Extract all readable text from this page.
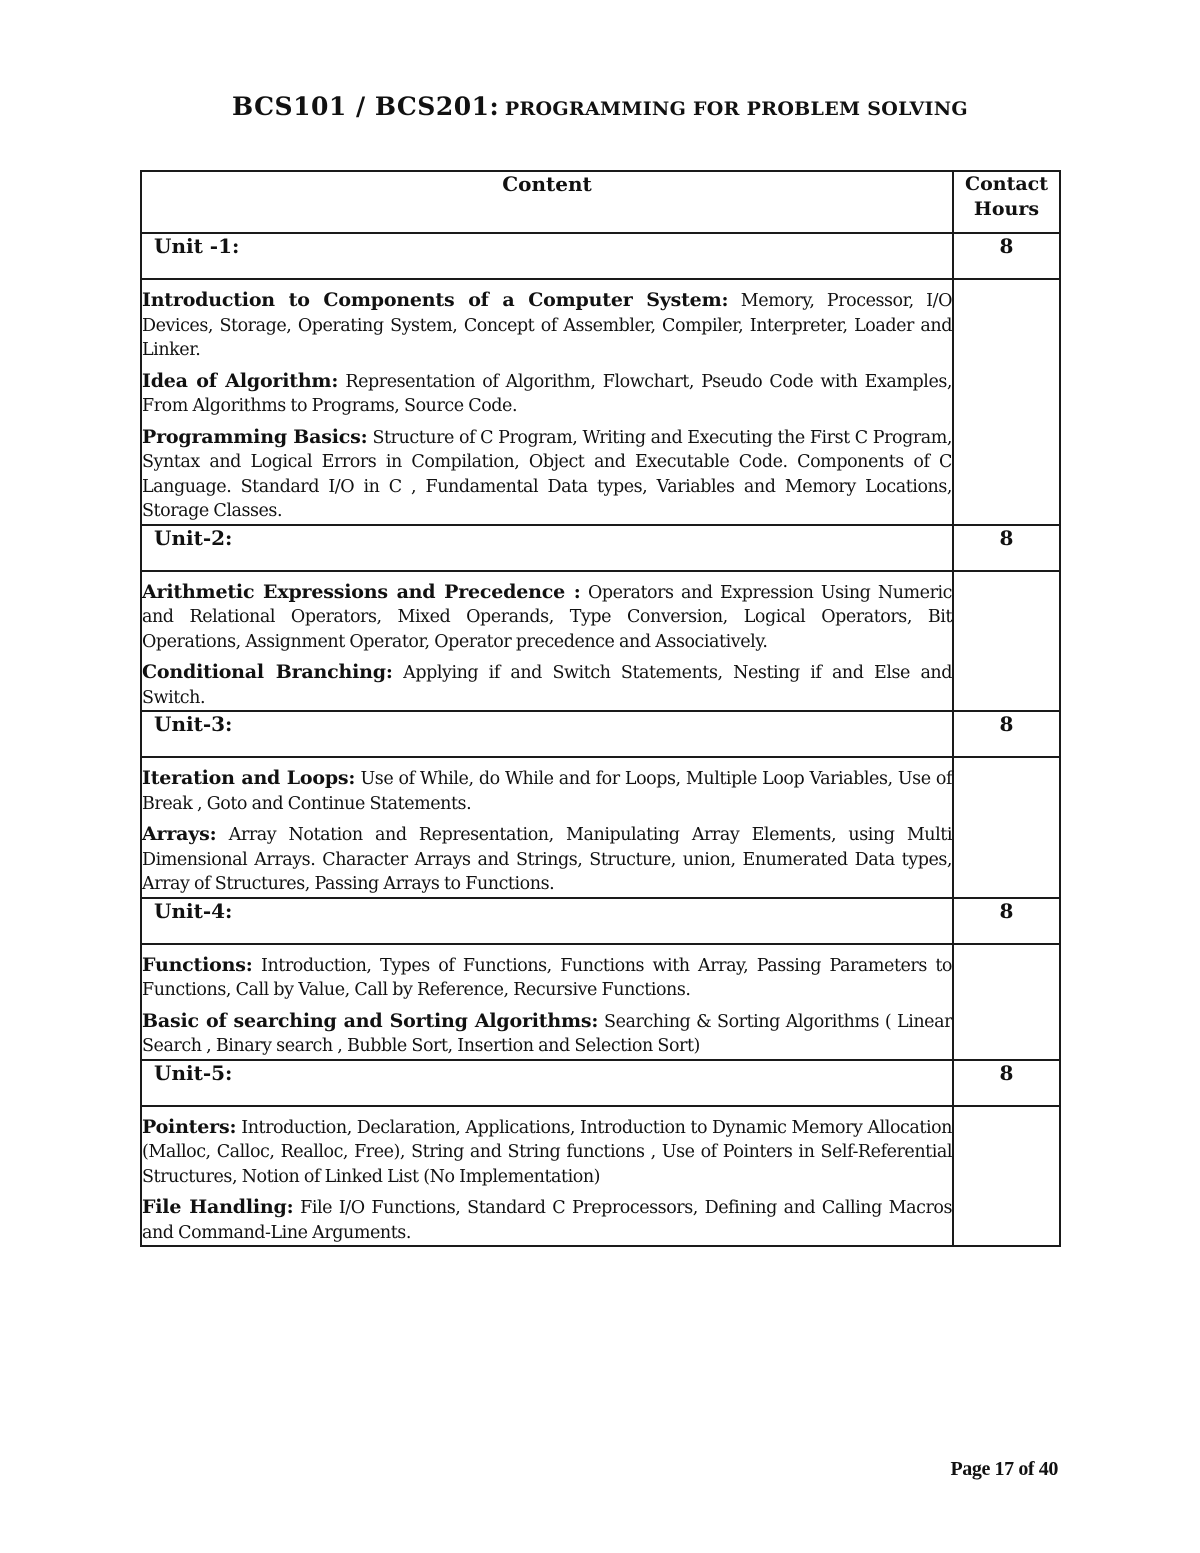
BCS101 / BCS201: PROGRAMMING FOR PROBLEM SOLVING
Content	Contact
Hours

Unit -1:	8

Introduction to Components of a Computer System: Memory, Processor, I/O Devices, Storage, Operating System, Concept of Assembler, Compiler, Interpreter, Loader and Linker.

Idea of Algorithm: Representation of Algorithm, Flowchart, Pseudo Code with Examples, From Algorithms to Programs, Source Code.

Programming Basics: Structure of C Program, Writing and Executing the First C Program, Syntax and Logical Errors in Compilation, Object and Executable Code. Components of C Language. Standard I/O in C , Fundamental Data types, Variables and Memory Locations, Storage Classes.	

Unit-2:	8

Arithmetic Expressions and Precedence : Operators and Expression Using Numeric and Relational Operators, Mixed Operands, Type Conversion, Logical Operators, Bit Operations, Assignment Operator, Operator precedence and Associatively.

Conditional Branching: Applying if and Switch Statements, Nesting if and Else and Switch.	

Unit-3:	8

Iteration and Loops: Use of While, do While and for Loops, Multiple Loop Variables, Use of Break , Goto and Continue Statements.

Arrays: Array Notation and Representation, Manipulating Array Elements, using Multi Dimensional Arrays. Character Arrays and Strings, Structure, union, Enumerated Data types, Array of Structures, Passing Arrays to Functions.	

Unit-4:	8

Functions: Introduction, Types of Functions, Functions with Array, Passing Parameters to Functions, Call by Value, Call by Reference, Recursive Functions.

Basic of searching and Sorting Algorithms: Searching & Sorting Algorithms ( Linear Search , Binary search , Bubble Sort, Insertion and Selection Sort)	

Unit-5:	8

Pointers: Introduction, Declaration, Applications, Introduction to Dynamic Memory Allocation (Malloc, Calloc, Realloc, Free), String and String functions , Use of Pointers in Self-Referential Structures, Notion of Linked List (No Implementation)

File Handling: File I/O Functions, Standard C Preprocessors, Defining and Calling Macros and Command-Line Arguments.	

Page 17 of 40
